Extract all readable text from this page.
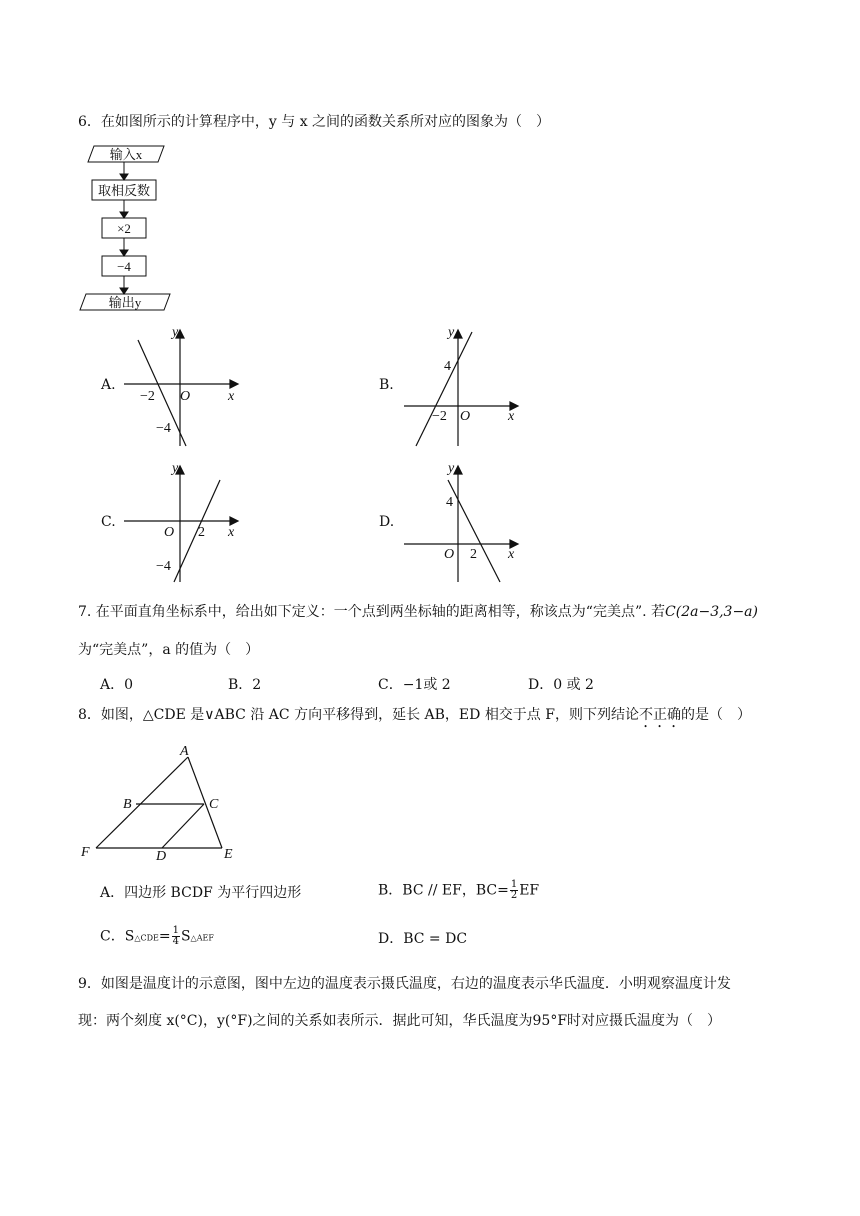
6．在如图所示的计算程序中，y 与 x 之间的函数关系所对应的图象为（　）
输入x
取相反数
×2
−4
输出y
A.
y
x
O
−2
−4
B.
y
x
O
4
−2
C.
y
x
O 2
−4
D.
y
x
O
4
2
7. 在平面直角坐标系中，给出如下定义：一个点到两坐标轴的距离相等，称该点为“完美点”. 若C(2a−3,3−a)
为“完美点”，a 的值为（　）
A．0	B．2	C．−1或 2	D．0 或 2
8．如图，△CDE 是∨ABC 沿 AC 方向平移得到，延长 AB，ED 相交于点 F，则下列结论不正确的是（　）
A
B	C
D	E
F
A．四边形 BCDF 为平行四边形	B．BC // EF，$BC= \frac{1}{2}$ EF
C．S△CDE= $\frac{1}{4}$ S△AEF	D．BC = DC
9．如图是温度计的示意图，图中左边的温度表示摄氏温度，右边的温度表示华氏温度．小明观察温度计发
现：两个刻度 x(°C)，y(°F)之间的关系如表所示．据此可知，华氏温度为95°F时对应摄氏温度为（　）
